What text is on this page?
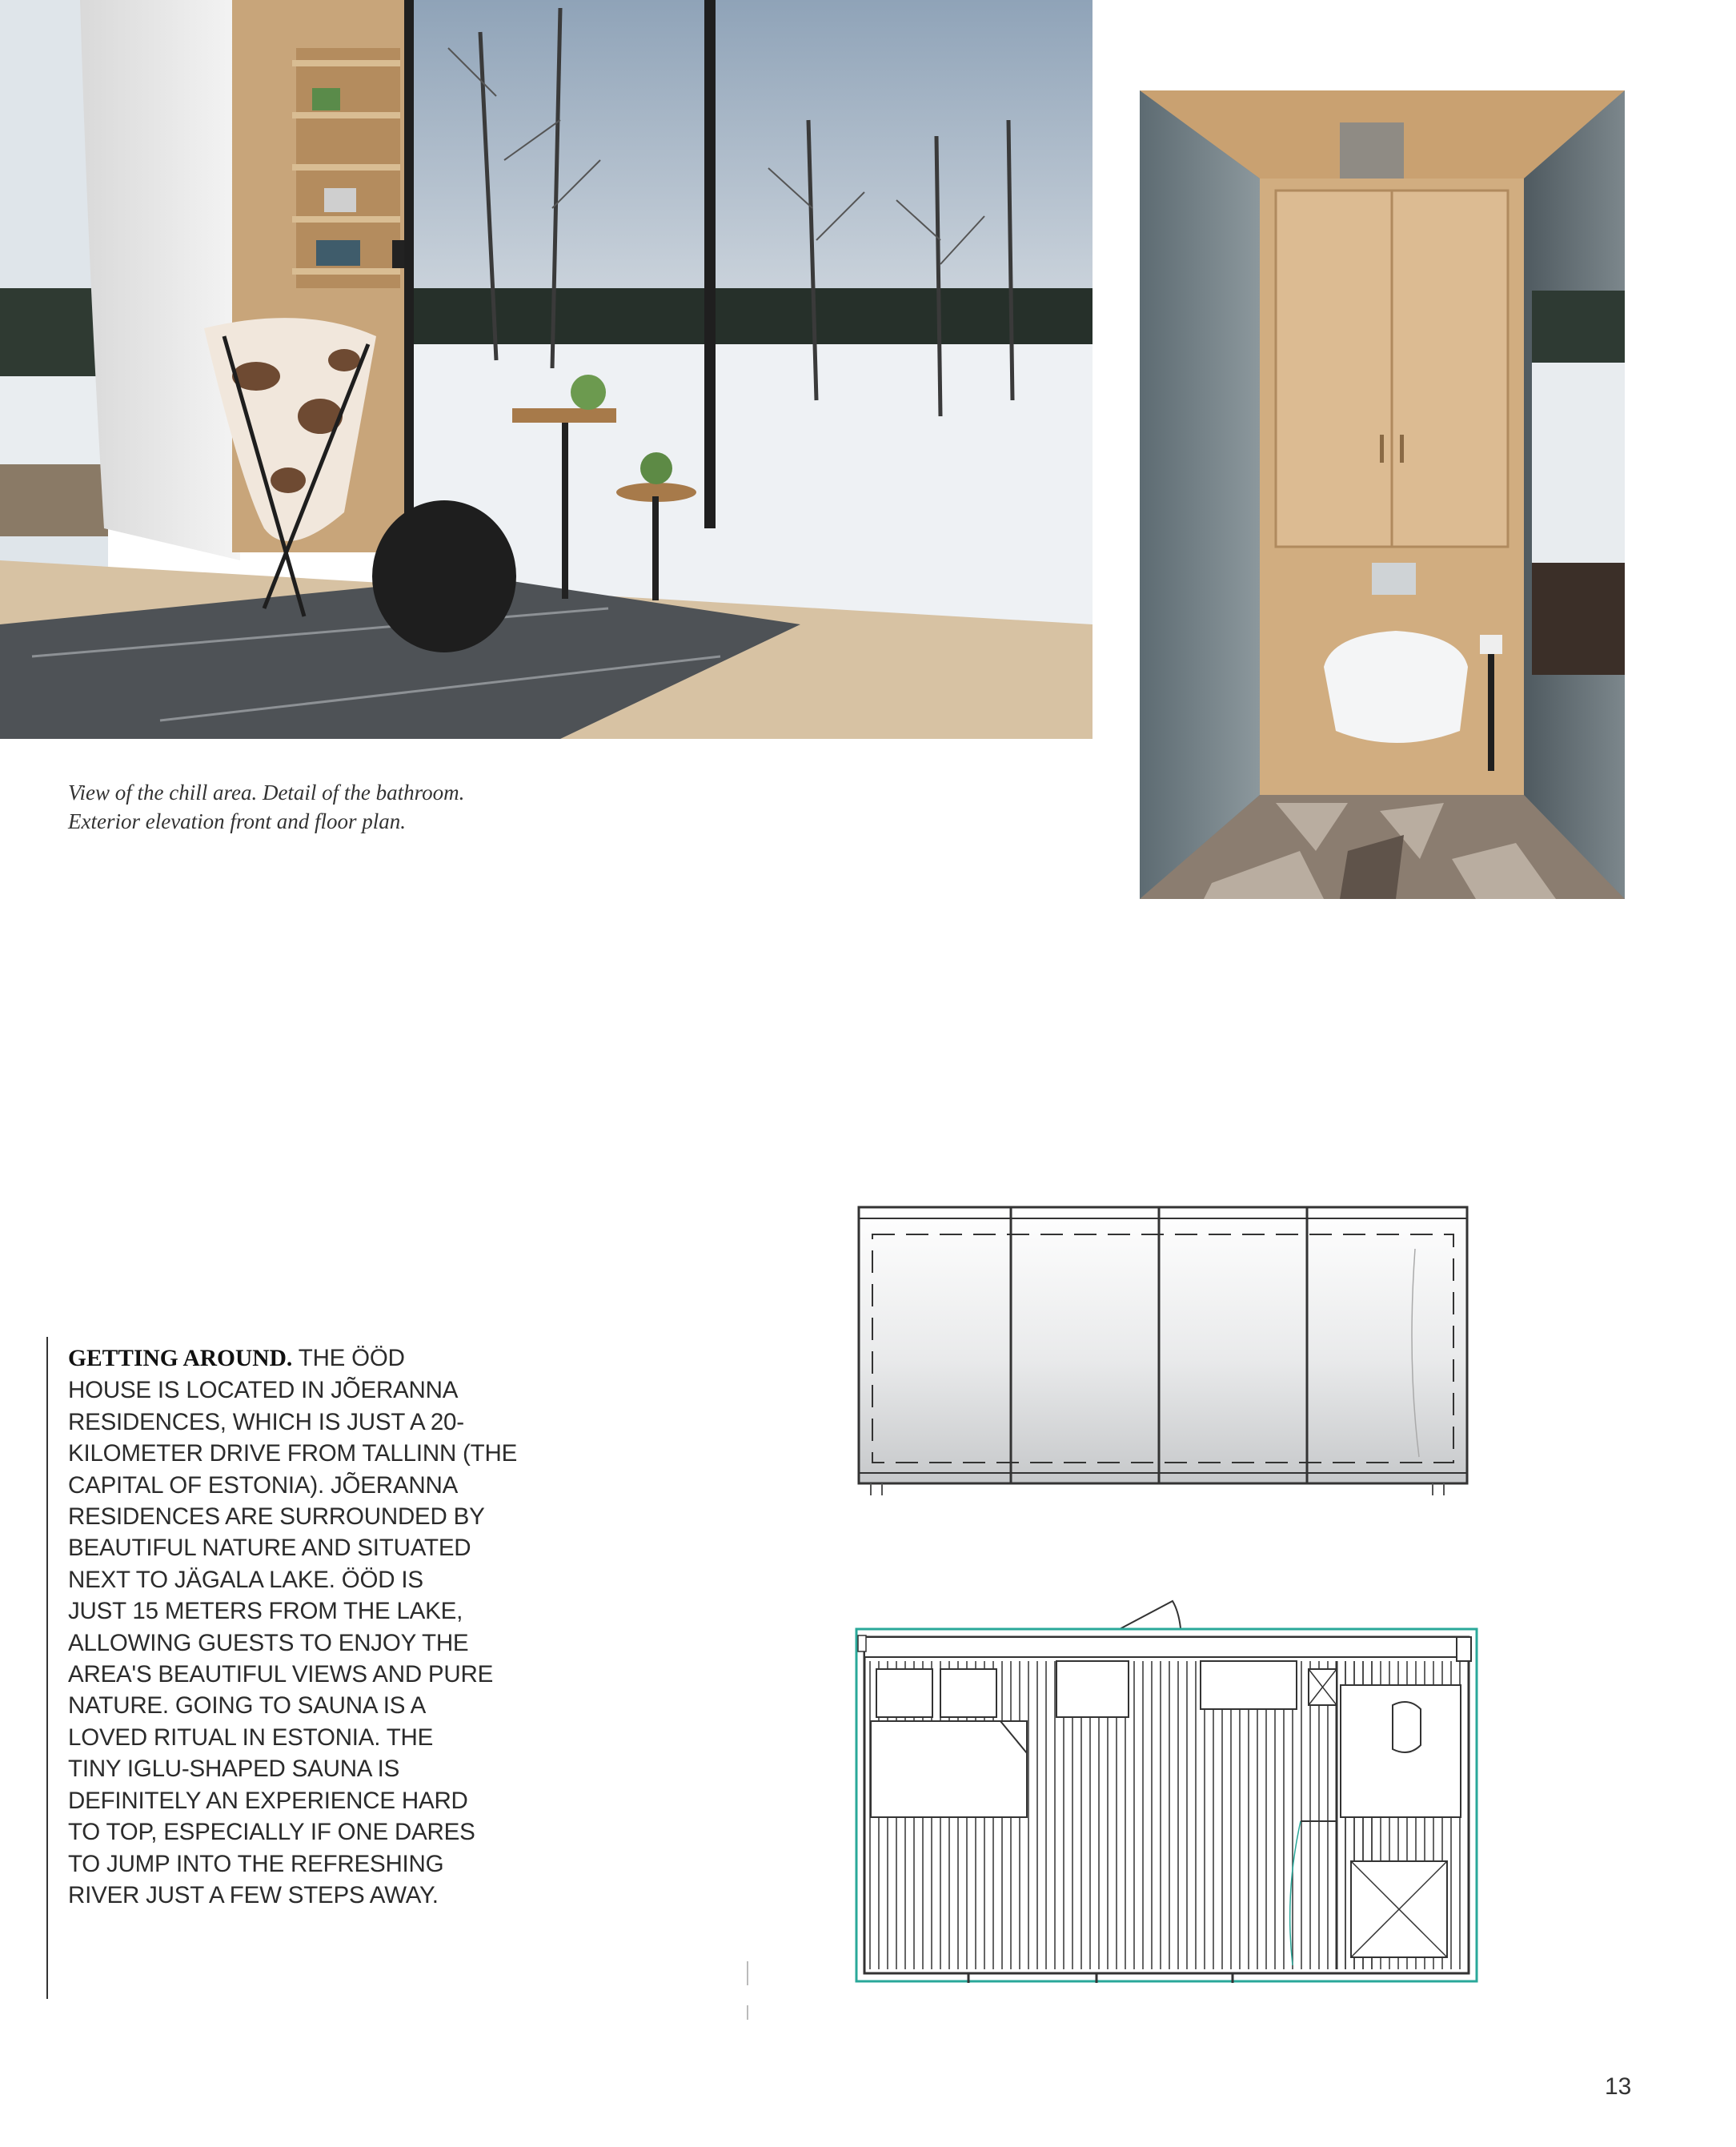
View of the chill area. Detail of the bathroom.
Exterior elevation front and floor plan.
GETTING AROUND. THE ÖÖD
HOUSE IS LOCATED IN JÕERANNA
RESIDENCES, WHICH IS JUST A 20-
KILOMETER DRIVE FROM TALLINN (THE
CAPITAL OF ESTONIA). JÕERANNA
RESIDENCES ARE SURROUNDED BY
BEAUTIFUL NATURE AND SITUATED
NEXT TO JÄGALA LAKE. ÖÖD IS
JUST 15 METERS FROM THE LAKE,
ALLOWING GUESTS TO ENJOY THE
AREA'S BEAUTIFUL VIEWS AND PURE
NATURE. GOING TO SAUNA IS A
LOVED RITUAL IN ESTONIA. THE
TINY IGLU-SHAPED SAUNA IS
DEFINITELY AN EXPERIENCE HARD
TO TOP, ESPECIALLY IF ONE DARES
TO JUMP INTO THE REFRESHING
RIVER JUST A FEW STEPS AWAY.
13
